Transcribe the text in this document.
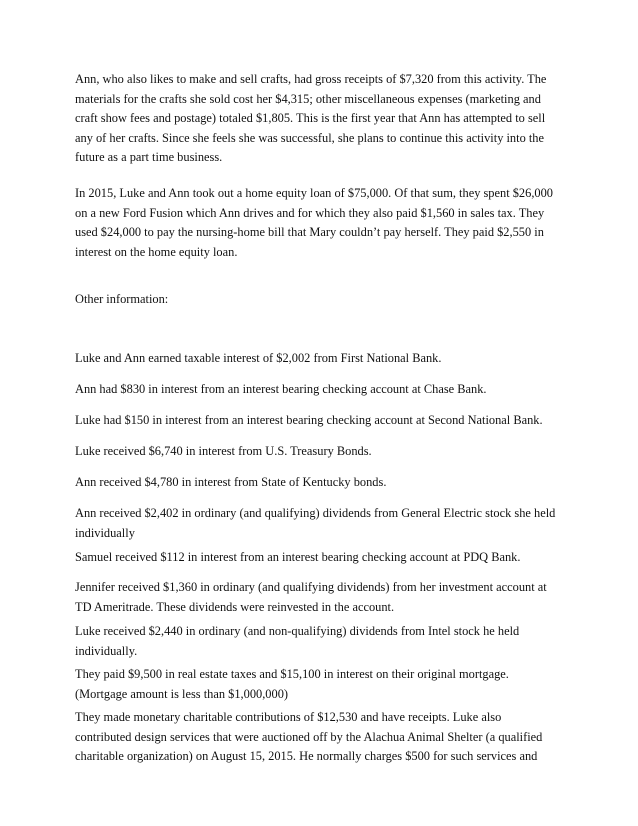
Ann, who also likes to make and sell crafts, had gross receipts of $7,320 from this activity. The
materials for the crafts she sold cost her $4,315; other miscellaneous expenses (marketing and
craft show fees and postage) totaled $1,805. This is the first year that Ann has attempted to sell
any of her crafts. Since she feels she was successful, she plans to continue this activity into the
future as a part time business.

In 2015, Luke and Ann took out a home equity loan of $75,000. Of that sum, they spent $26,000
on a new Ford Fusion which Ann drives and for which they also paid $1,560 in sales tax. They
used $24,000 to pay the nursing-home bill that Mary couldn’t pay herself. They paid $2,550 in
interest on the home equity loan.

Other information:

Luke and Ann earned taxable interest of $2,002 from First National Bank.

Ann had $830 in interest from an interest bearing checking account at Chase Bank.

Luke had $150 in interest from an interest bearing checking account at Second National Bank.

Luke received $6,740 in interest from U.S. Treasury Bonds.

Ann received $4,780 in interest from State of Kentucky bonds.

Ann received $2,402 in ordinary (and qualifying) dividends from General Electric stock she held
individually

Samuel received $112 in interest from an interest bearing checking account at PDQ Bank.

Jennifer received $1,360 in ordinary (and qualifying dividends) from her investment account at
TD Ameritrade. These dividends were reinvested in the account.

Luke received $2,440 in ordinary (and non-qualifying) dividends from Intel stock he held
individually.

They paid $9,500 in real estate taxes and $15,100 in interest on their original mortgage.
(Mortgage amount is less than $1,000,000)

They made monetary charitable contributions of $12,530 and have receipts. Luke also
contributed design services that were auctioned off by the Alachua Animal Shelter (a qualified
charitable organization) on August 15, 2015. He normally charges $500 for such services and
